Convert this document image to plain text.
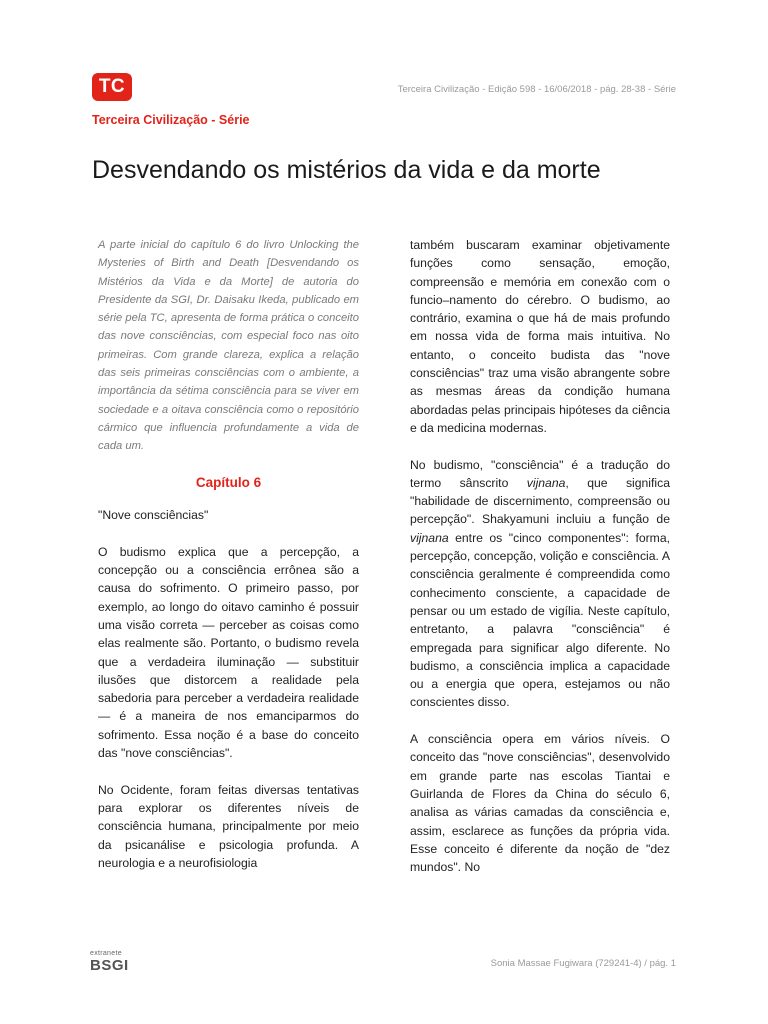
TC	Terceira Civilização - Edição 598 - 16/06/2018 - pág. 28-38 - Série
Terceira Civilização - Série
Desvendando os mistérios da vida e da morte

A parte inicial do capítulo 6 do livro Unlocking the Mysteries of Birth and Death [Desvendando os Mistérios da Vida e da Morte] de autoria do Presidente da SGI, Dr. Daisaku Ikeda, publicado em série pela TC, apresenta de forma prática o conceito das nove consciências, com especial foco nas oito primeiras. Com grande clareza, explica a relação das seis primeiras consciências com o ambiente, a importância da sétima consciência para se viver em sociedade e a oitava consciência como o repositório cármico que influencia profundamente a vida de cada um.

Capítulo 6
"Nove consciências"

O budismo explica que a percepção, a concepção ou a consciência errônea são a causa do sofrimento. O primeiro passo, por exemplo, ao longo do oitavo caminho é possuir uma visão correta — perceber as coisas como elas realmente são. Portanto, o budismo revela que a verdadeira iluminação — substituir ilusões que distorcem a realidade pela sabedoria para perceber a verdadeira realidade — é a maneira de nos emanciparmos do sofrimento. Essa noção é a base do conceito das "nove consciências".

No Ocidente, foram feitas diversas tentativas para explorar os diferentes níveis de consciência humana, principalmente por meio da psicanálise e psicologia profunda. A neurologia e a neurofisiologia

também buscaram examinar objetivamente funções como sensação, emoção, compreensão e memória em conexão com o funcio–namento do cérebro. O budismo, ao contrário, examina o que há de mais profundo em nossa vida de forma mais intuitiva. No entanto, o conceito budista das "nove consciências" traz uma visão abrangente sobre as mesmas áreas da condição humana abordadas pelas principais hipóteses da ciência e da medicina modernas.

No budismo, "consciência" é a tradução do termo sânscrito vijnana, que significa "habilidade de discernimento, compreensão ou percepção". Shakyamuni incluiu a função de vijnana entre os "cinco componentes": forma, percepção, concepção, volição e consciência. A consciência geralmente é compreendida como conhecimento consciente, a capacidade de pensar ou um estado de vigília. Neste capítulo, entretanto, a palavra "consciência" é empregada para significar algo diferente. No budismo, a consciência implica a capacidade ou a energia que opera, estejamos ou não conscientes disso.

A consciência opera em vários níveis. O conceito das "nove consciências", desenvolvido em grande parte nas escolas Tiantai e Guirlanda de Flores da China do século 6, analisa as várias camadas da consciência e, assim, esclarece as funções da própria vida. Esse conceito é diferente da noção de "dez mundos". No

extranete
BSGI	Sonia Massae Fugiwara (729241-4) / pág. 1
